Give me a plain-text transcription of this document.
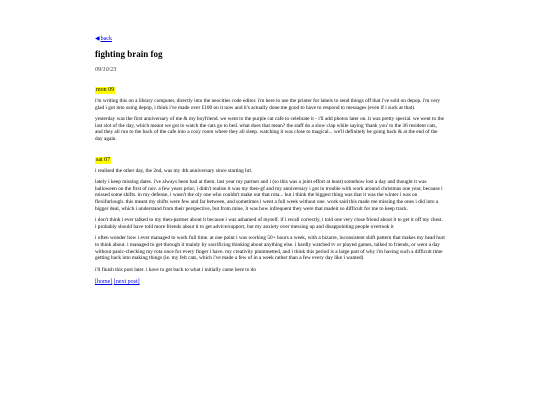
◀back
fighting brain fog
09/10/23
mon 09

i'm writing this on a library computer, directly into the neocities code editor. i'm here to use the printer for labels to send things off that i've sold on depop. i'm very glad i got into using depop, i think i've made over £100 on it now and it's actually done me good to have to respond to messages (even if i suck at that).

yesterday was the first anniversary of me & my boyfriend. we went to the purple cat cafe to celebrate it - i'll add photos later on. it was pretty special. we went to the last slot of the day, which meant we got to watch the cats go to bed. what does that mean? the staff do a slow clap while saying 'thank you' to the 36 resident cats, and they all run to the back of the cafe into a cozy room where they all sleep. watching it was close to magical... we'll definitely be going back & at the end of the day again.

sat 07

i realised the other day, the 2nd, was my 4th anniversary since starting hrt.

lately i keep missing dates. i've always been bad at them. last year my partner and i (so this was a joint effort at least) somehow lost a day and thought it was halloween on the first of nov. a few years prior, i didn't realise it was my then-gf and my anniversary i got in trouble with work around christmas one year, because i missed some shifts. in my defense, i wasn't the oly one who couldn't make out that rota... but i think the biggest thing was that it was the winter i was on flexifurlough. this meant my shifts were few and far between, and sometimes i went a full week without one. work said this made me missing the ones i did into a bigger deal, which i understand from their perspective, but from mine, it was how infrequent they were that madeit so difficult for me to keep track.

i don't think i ever talked to my then-partner about it because i was ashamed of myself. if i recall correctly, i told one very close friend about it to get it off my chest. i probably should have told more friends about it to get advice/support, but my anxiety over messing up and disappointing people overtook it

i often wonder how i ever managed to work full time. at one point i was working 50+ hours a week, with a bizarre, inconsistent shift pattern that makes my head hurt to think about. i managed to get through it mainly by sacrificing thinking about anything else. i hardly watched tv or played games, talked to friends, or went a day without panic-checking my rota once for every finger i have. my creativity plummetted, and i think this period is a large part of why i'm having such a difficult time getting back into making things (ie. my felt cats, which i've made a few of in a week rather than a few every day like i wanted)

i'll finish this post later. i have to get back to what i initially came here to do

[home] [next post]
